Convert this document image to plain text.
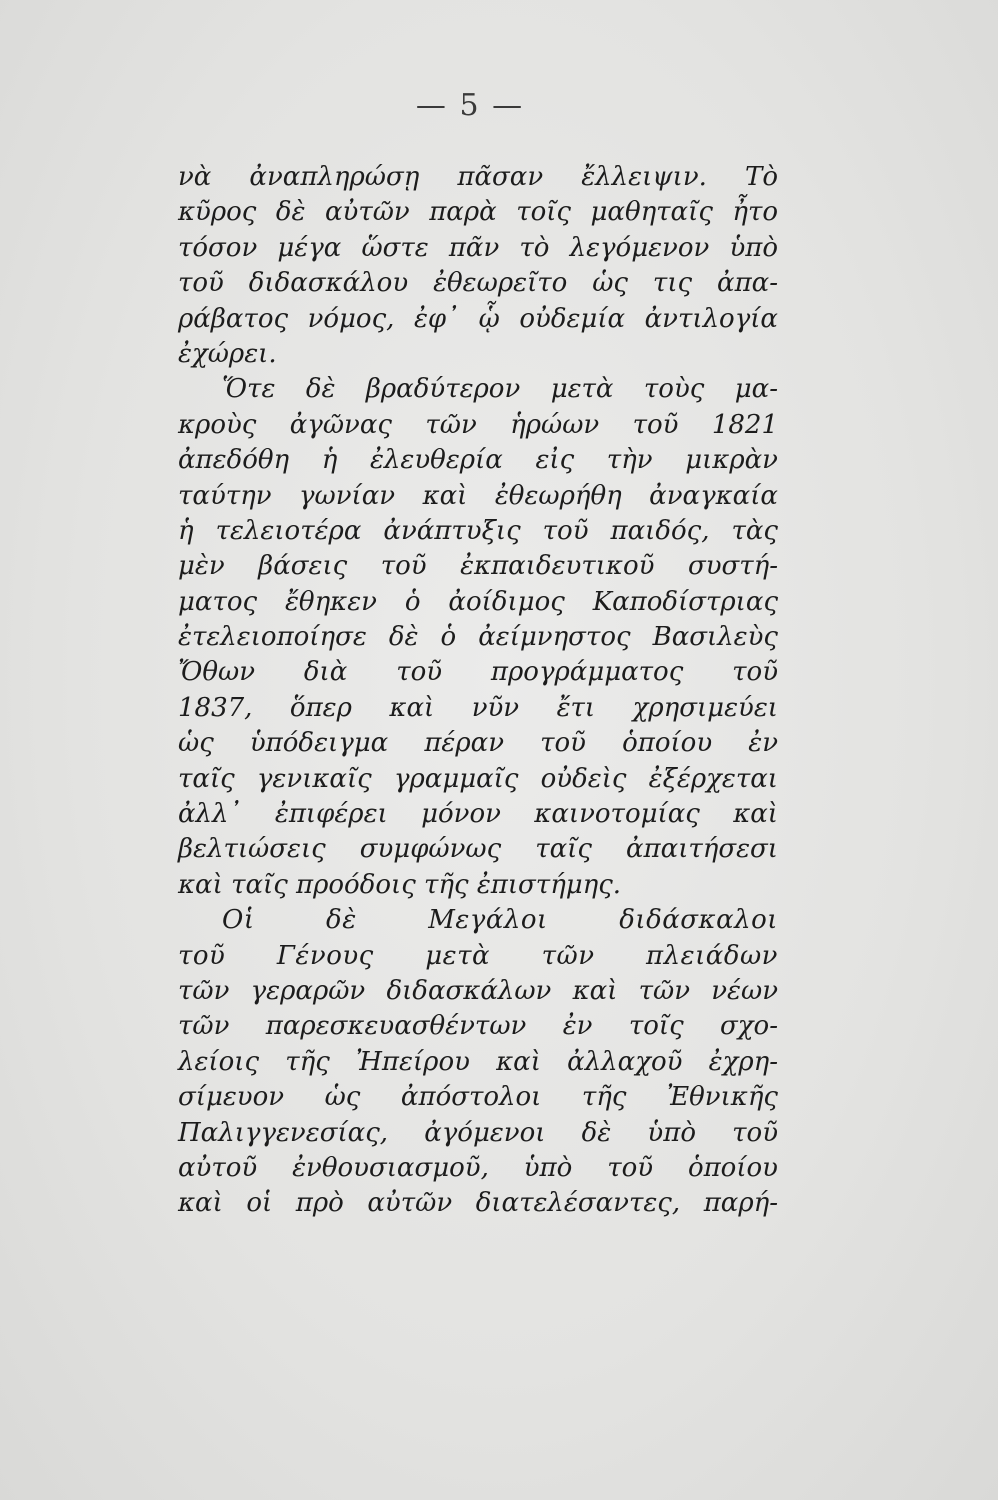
— 5 —
νὰ ἀναπληρώσῃ πᾶσαν ἔλλειψιν. Τὸ
κῦρος δὲ αὐτῶν παρὰ τοῖς μαθηταῖς ἦτο
τόσον μέγα ὥστε πᾶν τὸ λεγόμενον ὑπὸ
τοῦ διδασκάλου ἐθεωρεῖτο ὡς τις ἀπα-
ράβατος νόμος, ἐφ᾽ ᾧ οὐδεμία ἀντιλογία
ἐχώρει.
Ὅτε δὲ βραδύτερον μετὰ τοὺς μα-
κροὺς ἀγῶνας τῶν ἡρώων τοῦ 1821
ἀπεδόθη ἡ ἐλευθερία εἰς τὴν μικρὰν
ταύτην γωνίαν καὶ ἐθεωρήθη ἀναγκαία
ἡ τελειοτέρα ἀνάπτυξις τοῦ παιδός, τὰς
μὲν βάσεις τοῦ ἐκπαιδευτικοῦ συστή-
ματος ἔθηκεν ὁ ἀοίδιμος Καποδίστριας
ἐτελειοποίησε δὲ ὁ ἀείμνηστος Βασιλεὺς
Ὄθων διὰ τοῦ προγράμματος τοῦ
1837, ὅπερ καὶ νῦν ἔτι χρησιμεύει
ὡς ὑπόδειγμα πέραν τοῦ ὁποίου ἐν
ταῖς γενικαῖς γραμμαῖς οὐδεὶς ἐξέρχεται
ἀλλ᾽ ἐπιφέρει μόνον καινοτομίας καὶ
βελτιώσεις συμφώνως ταῖς ἀπαιτήσεσι
καὶ ταῖς προόδοις τῆς ἐπιστήμης.
Οἱ δὲ Μεγάλοι διδάσκαλοι
τοῦ Γένους μετὰ τῶν πλειάδων
τῶν γεραρῶν διδασκάλων καὶ τῶν νέων
τῶν παρεσκευασθέντων ἐν τοῖς σχο-
λείοις τῆς Ἠπείρου καὶ ἀλλαχοῦ ἐχρη-
σίμευον ὡς ἀπόστολοι τῆς Ἐθνικῆς
Παλιγγενεσίας, ἀγόμενοι δὲ ὑπὸ τοῦ
αὐτοῦ ἐνθουσιασμοῦ, ὑπὸ τοῦ ὁποίου
καὶ οἱ πρὸ αὐτῶν διατελέσαντες, παρή-
